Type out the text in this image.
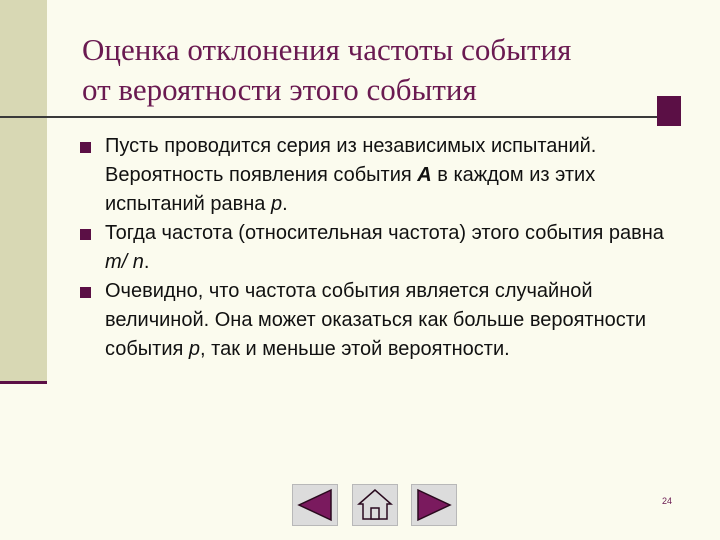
Оценка отклонения частоты события
от вероятности этого события
Пусть проводится серия из независимых испытаний. Вероятность появления события А в каждом из этих испытаний равна p.
Тогда частота (относительная частота) этого события равна m/ n.
Очевидно, что частота события является случайной величиной. Она может оказаться как больше вероятности события p, так и меньше этой вероятности.
24
